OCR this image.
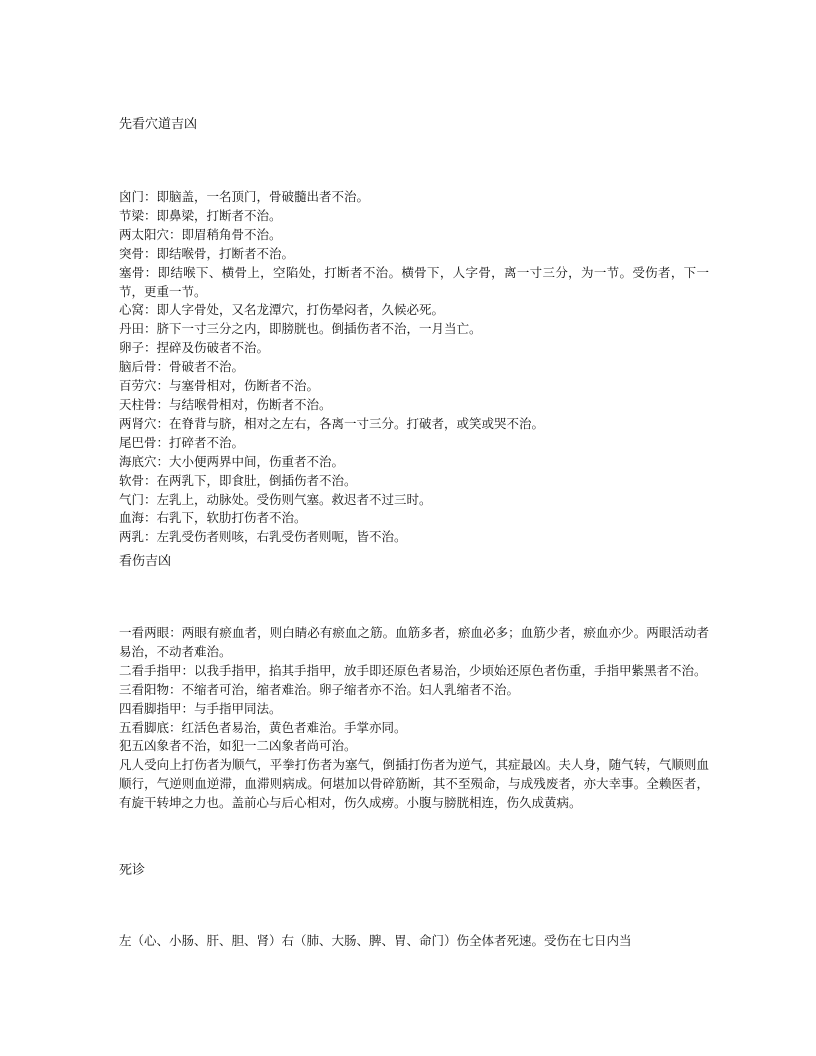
先看穴道吉凶
囟门：即脑盖，一名顶门，骨破髓出者不治。
节梁：即鼻梁，打断者不治。
两太阳穴：即眉稍角骨不治。
突骨：即结喉骨，打断者不治。
塞骨：即结喉下、横骨上，空陷处，打断者不治。横骨下，人字骨，离一寸三分，为一节。受伤者，下一节，更重一节。
心窝：即人字骨处，又名龙潭穴，打伤晕闷者，久候必死。
丹田：脐下一寸三分之内，即膀胱也。倒插伤者不治，一月当亡。
卵子：捏碎及伤破者不治。
脑后骨：骨破者不治。
百劳穴：与塞骨相对，伤断者不治。
天柱骨：与结喉骨相对，伤断者不治。
两肾穴：在脊背与脐，相对之左右，各离一寸三分。打破者，或笑或哭不治。
尾巴骨：打碎者不治。
海底穴：大小便两界中间，伤重者不治。
软骨：在两乳下，即食肚，倒插伤者不治。
气门：左乳上，动脉处。受伤则气塞。救迟者不过三时。
血海：右乳下，软肋打伤者不治。
两乳：左乳受伤者则咳，右乳受伤者则呃，皆不治。
看伤吉凶
一看两眼：两眼有瘀血者，则白睛必有瘀血之筋。血筋多者，瘀血必多；血筋少者，瘀血亦少。两眼活动者易治，不动者难治。
二看手指甲：以我手指甲，掐其手指甲，放手即还原色者易治，少顷始还原色者伤重，手指甲紫黑者不治。
三看阳物：不缩者可治，缩者难治。卵子缩者亦不治。妇人乳缩者不治。
四看脚指甲：与手指甲同法。
五看脚底：红活色者易治，黄色者难治。手掌亦同。
犯五凶象者不治，如犯一二凶象者尚可治。
凡人受向上打伤者为顺气，平拳打伤者为塞气，倒插打伤者为逆气，其症最凶。夫人身，随气转，气顺则血顺行，气逆则血逆滞，血滞则病成。何堪加以骨碎筋断，其不至殒命，与成残废者，亦大幸事。全赖医者，有旋干转坤之力也。盖前心与后心相对，伤久成痨。小腹与膀胱相连，伤久成黄病。
死诊
左（心、小肠、肝、胆、肾）右（肺、大肠、脾、胃、命门）伤全体者死速。受伤在七日内当
